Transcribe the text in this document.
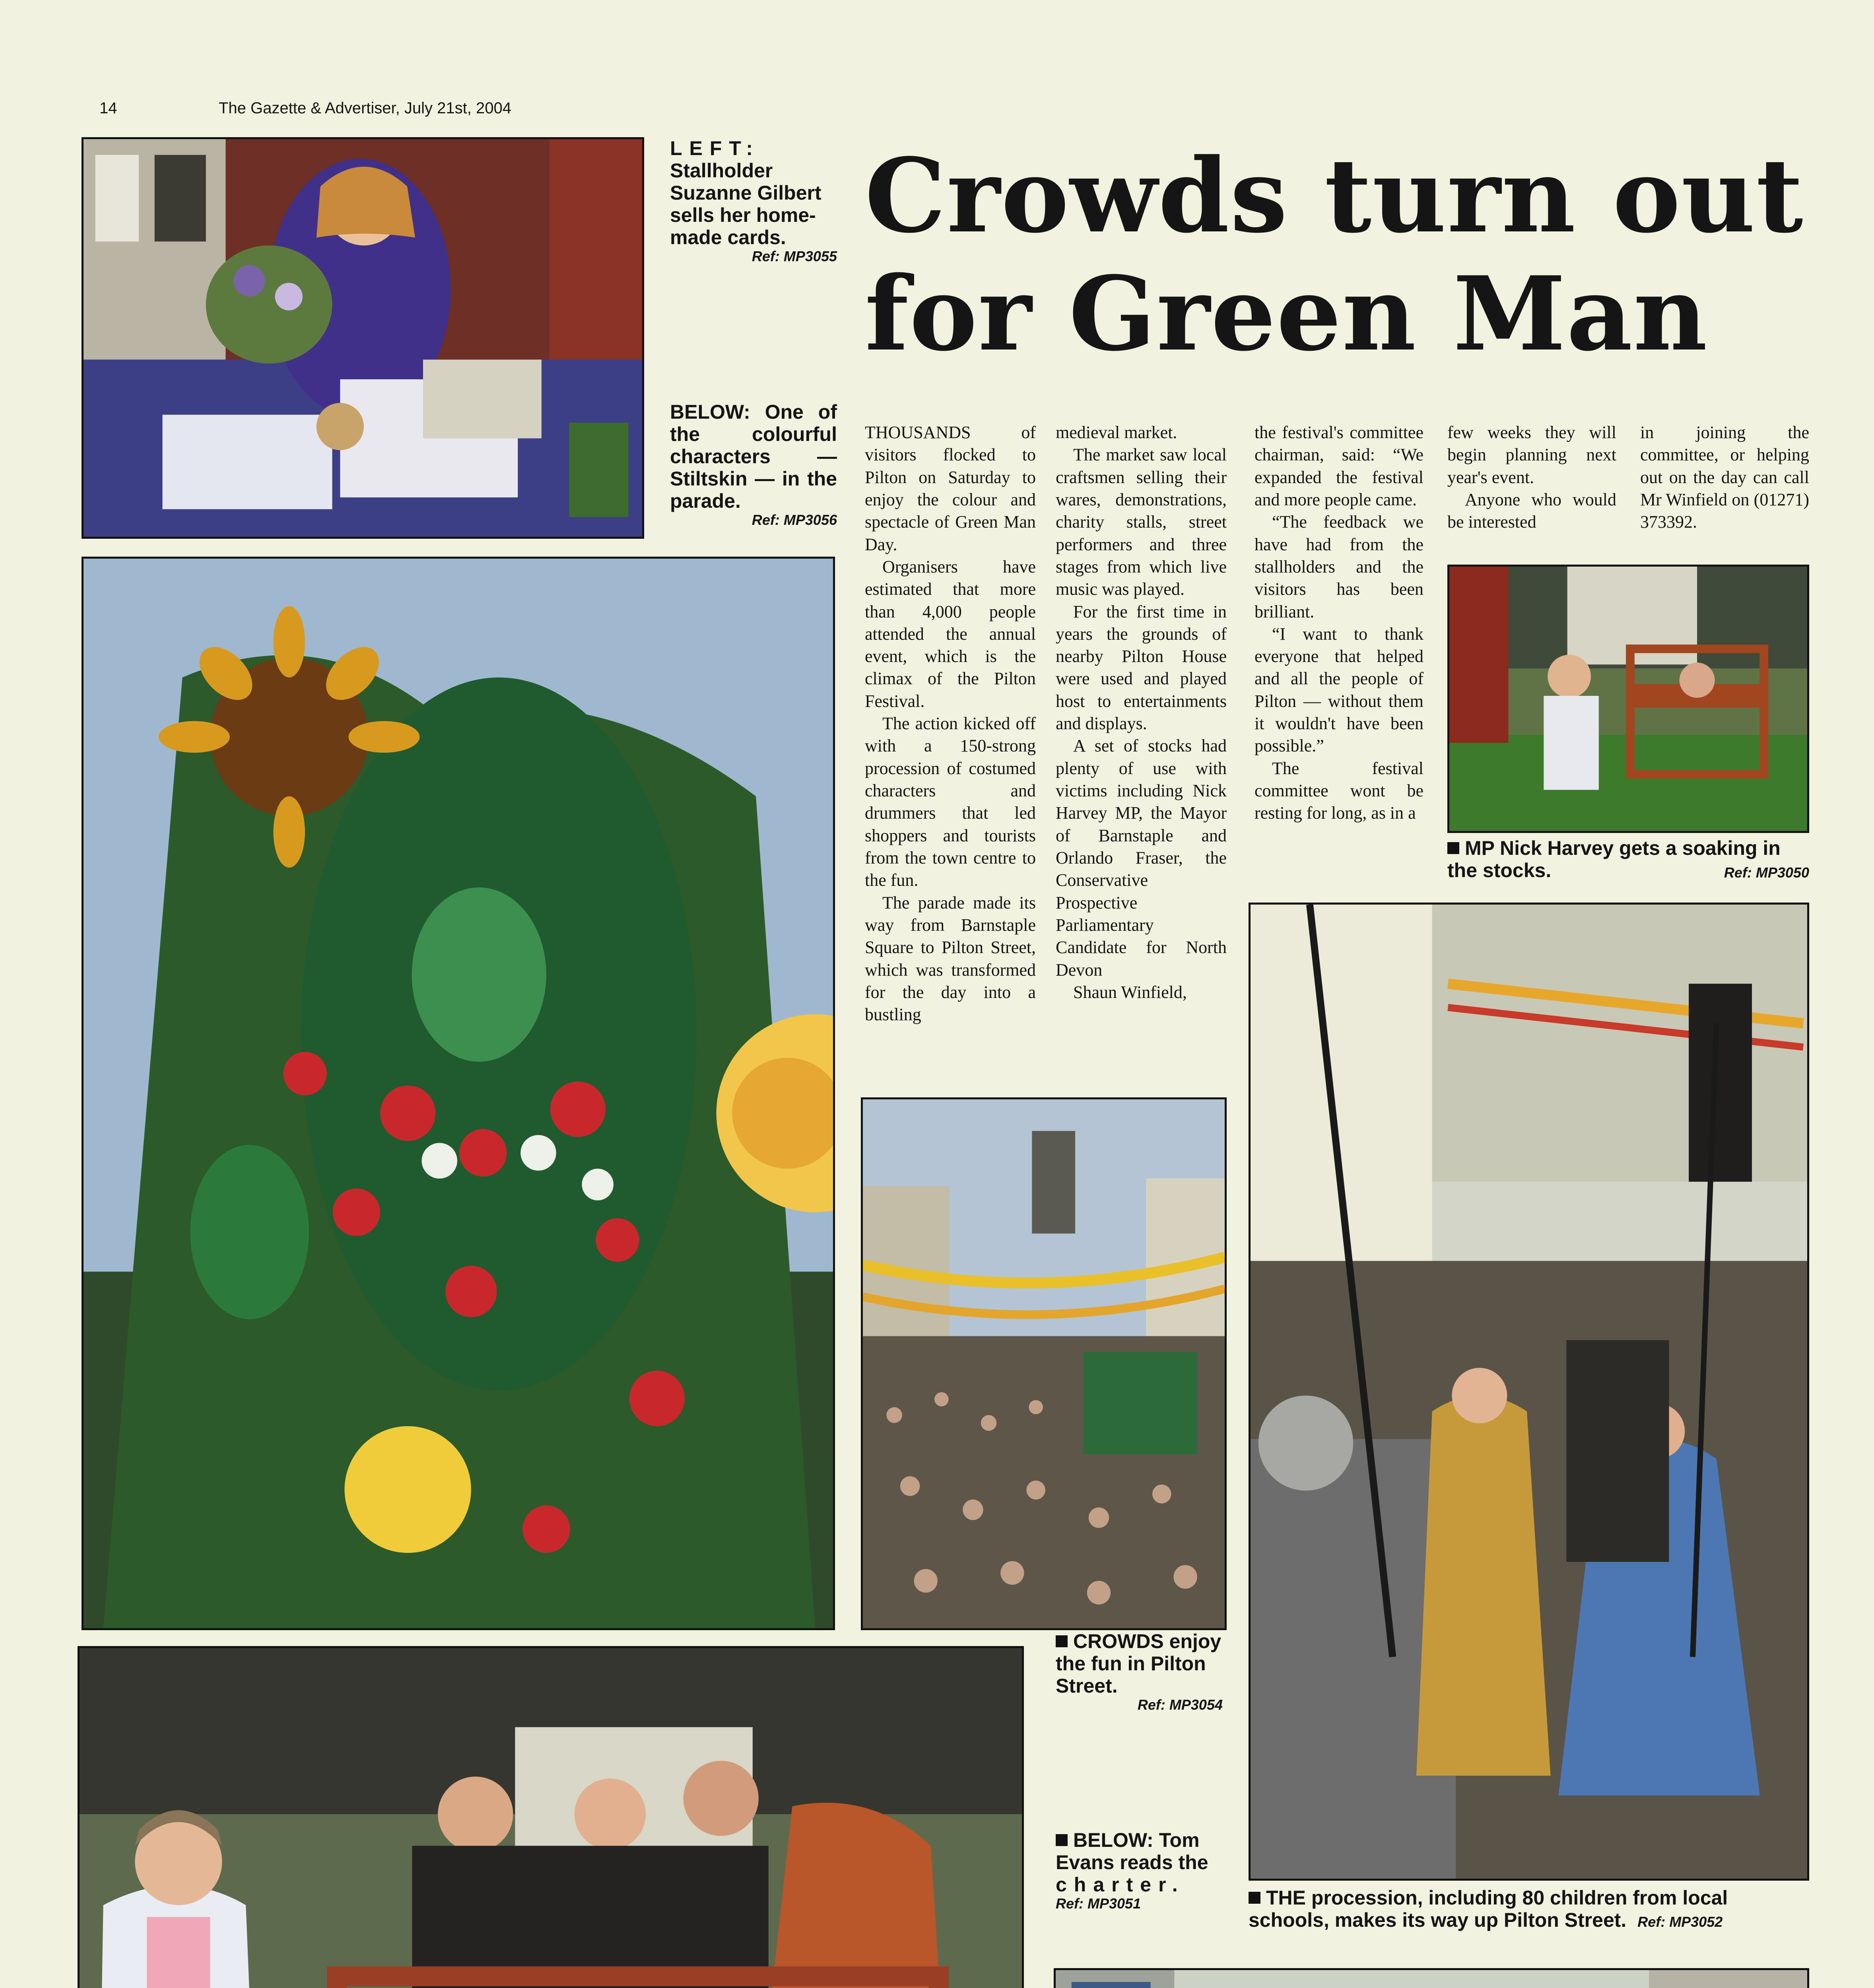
14	The Gazette & Advertiser, July 21st, 2004
Crowds turn out
for Green Man
LEFT:
Stallholder Suzanne Gilbert sells her home-made cards.
Ref: MP3055
BELOW: One of the colourful characters — Stiltskin — in the parade.
Ref: MP3056

THOUSANDS of visitors flocked to Pilton on Saturday to enjoy the colour and spectacle of Green Man Day.

Organisers have estimated that more than 4,000 people attended the annual event, which is the climax of the Pilton Festival.

The action kicked off with a 150-strong procession of costumed characters and drummers that led shoppers and tourists from the town centre to the fun.

The parade made its way from Barnstaple Square to Pilton Street, which was transformed for the day into a bustling

medieval market.

The market saw local craftsmen selling their wares, demonstrations, charity stalls, street performers and three stages from which live music was played.

For the first time in years the grounds of nearby Pilton House were used and played host to entertainments and displays.

A set of stocks had plenty of use with victims including Nick Harvey MP, the Mayor of Barnstaple and Orlando Fraser, the Conservative Prospective Parliamentary Candidate for North Devon

Shaun Winfield,

the festival's committee chairman, said: “We expanded the festival and more people came.

“The feedback we have had from the stallholders and the visitors has been brilliant.

“I want to thank everyone that helped and all the people of Pilton — without them it wouldn't have been possible.”

The festival committee wont be resting for long, as in a

few weeks they will begin planning next year's event.

Anyone who would be interested

in joining the committee, or helping out on the day can call Mr Winfield on (01271) 373392.

MP Nick Harvey gets a soaking in the stocks.	Ref: MP3050
CROWDS enjoy the fun in Pilton Street.
Ref: MP3054
BELOW: Tom Evans reads the
charter.
Ref: MP3051	THE procession, including 80 children from local schools, makes its way up Pilton Street. Ref: MP3052
